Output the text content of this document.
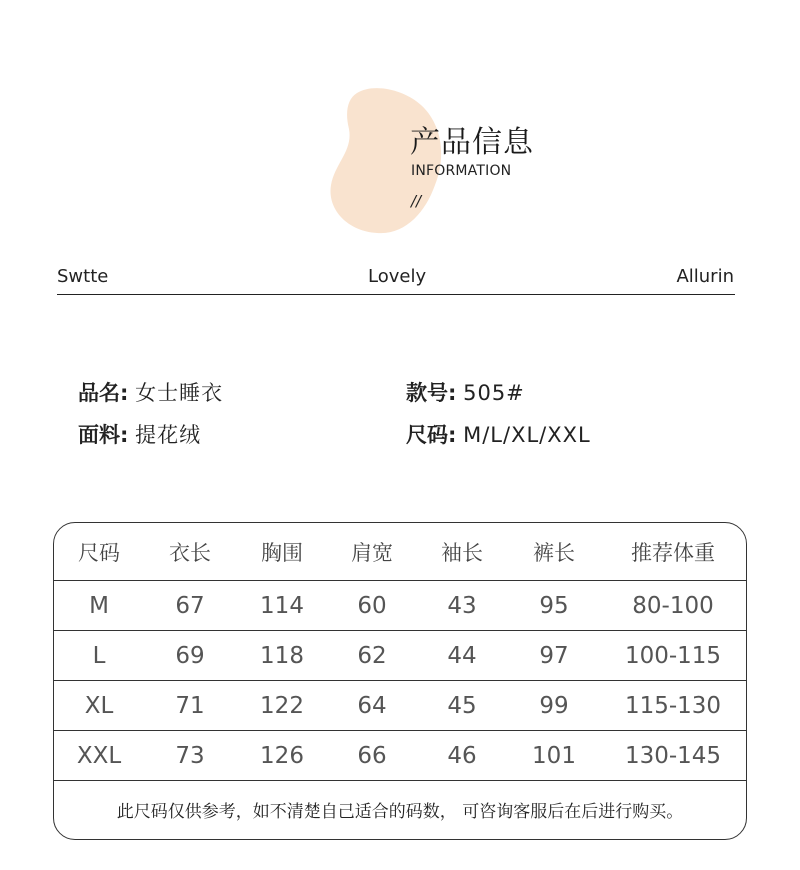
产品信息
INFORMATION
//
Swtte	Lovely	Allurin
品名: 女士睡衣	款号: 505#
面料: 提花绒	尺码: M/L/XL/XXL
尺码	衣长	胸围	肩宽	袖长	裤长	推荐体重
M	67	114	60	43	95	80-100
L	69	118	62	44	97	100-115
XL	71	122	64	45	99	115-130
XXL	73	126	66	46	101	130-145
此尺码仅供参考，如不清楚自己适合的码数， 可咨询客服后在后进行购买。
